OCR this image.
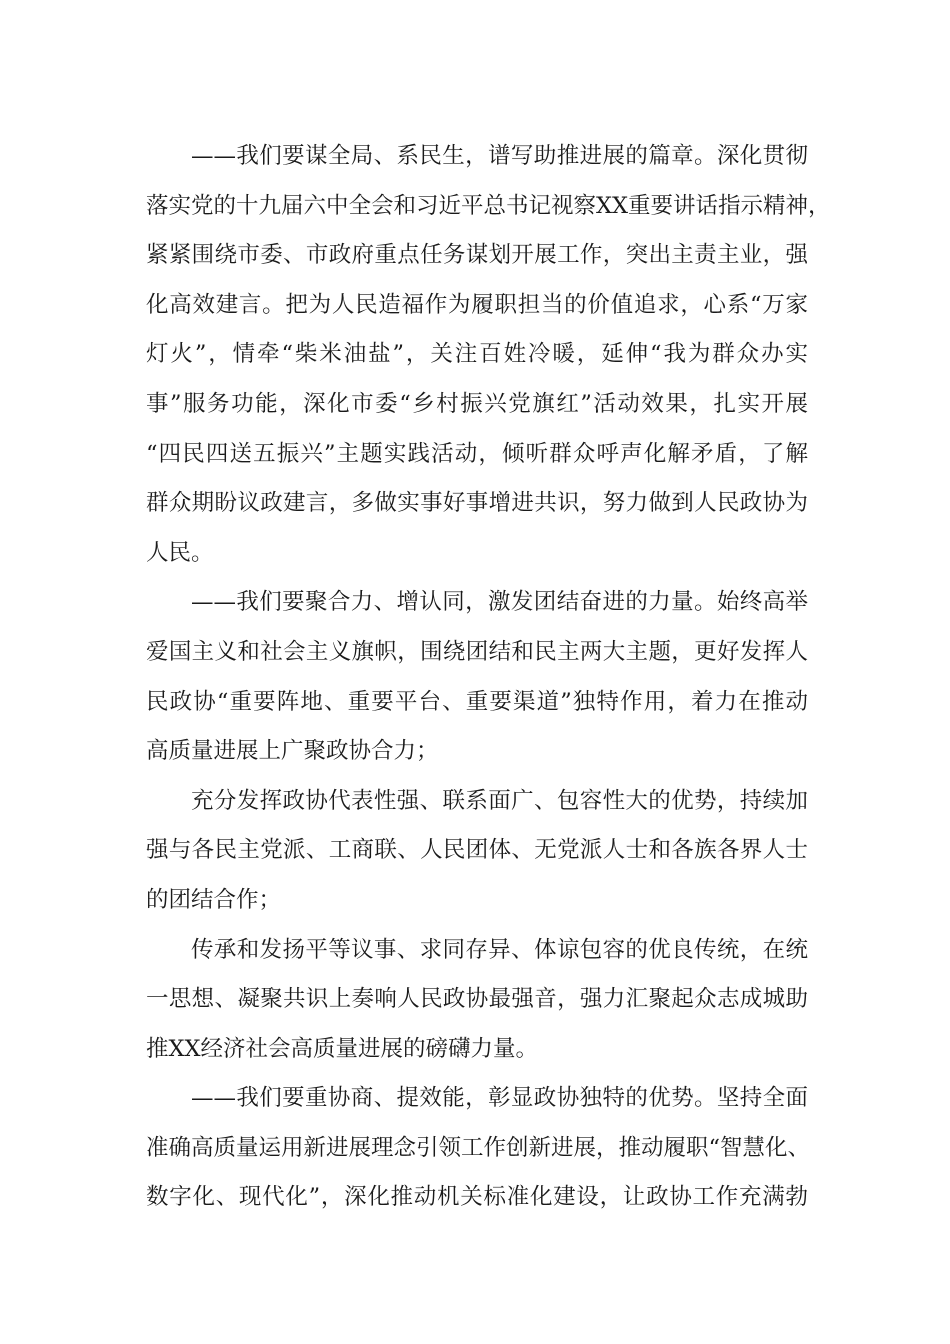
——我们要谋全局、系民生，谱写助推进展的篇章。深化贯彻
落实党的十九届六中全会和习近平总书记视察XX重要讲话指示精神，
紧紧围绕市委、市政府重点任务谋划开展工作，突出主责主业，强
化高效建言。把为人民造福作为履职担当的价值追求，心系“万家
灯火”，情牵“柴米油盐”，关注百姓冷暖，延伸“我为群众办实
事”服务功能，深化市委“乡村振兴党旗红”活动效果，扎实开展
“四民四送五振兴”主题实践活动，倾听群众呼声化解矛盾，了解
群众期盼议政建言，多做实事好事增进共识，努力做到人民政协为
人民。
——我们要聚合力、增认同，激发团结奋进的力量。始终高举
爱国主义和社会主义旗帜，围绕团结和民主两大主题，更好发挥人
民政协“重要阵地、重要平台、重要渠道”独特作用，着力在推动
高质量进展上广聚政协合力；
充分发挥政协代表性强、联系面广、包容性大的优势，持续加
强与各民主党派、工商联、人民团体、无党派人士和各族各界人士
的团结合作；
传承和发扬平等议事、求同存异、体谅包容的优良传统，在统
一思想、凝聚共识上奏响人民政协最强音，强力汇聚起众志成城助
推XX经济社会高质量进展的磅礴力量。
——我们要重协商、提效能，彰显政协独特的优势。坚持全面
准确高质量运用新进展理念引领工作创新进展，推动履职“智慧化、
数字化、现代化”，深化推动机关标准化建设，让政协工作充满勃
